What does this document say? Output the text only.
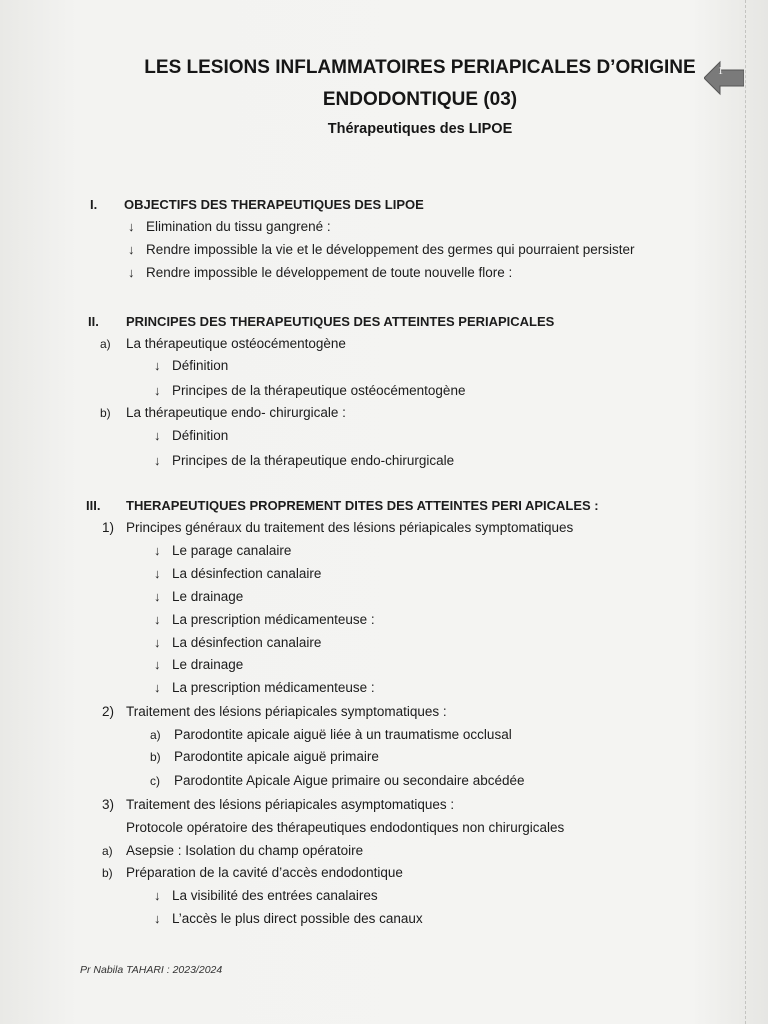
LES LESIONS INFLAMMATOIRES PERIAPICALES D’ORIGINE
ENDODONTIQUE (03)
Thérapeutiques des LIPOE
1
I. OBJECTIFS DES THERAPEUTIQUES DES LIPOE
↓ Elimination du tissu gangrené :
↓ Rendre impossible la vie et le développement des germes qui pourraient persister
↓ Rendre impossible le développement de toute nouvelle flore :
II. PRINCIPES DES THERAPEUTIQUES DES ATTEINTES PERIAPICALES
a) La thérapeutique ostéocémentogène
↓ Définition
↓ Principes de la thérapeutique ostéocémentogène
b) La thérapeutique endo- chirurgicale :
↓ Définition
↓ Principes de la thérapeutique endo-chirurgicale
III. THERAPEUTIQUES PROPREMENT DITES DES ATTEINTES PERI APICALES :
1) Principes généraux du traitement des lésions périapicales symptomatiques
↓ Le parage canalaire
↓ La désinfection canalaire
↓ Le drainage
↓ La prescription médicamenteuse :
↓ La désinfection canalaire
↓ Le drainage
↓ La prescription médicamenteuse :
2) Traitement des lésions périapicales symptomatiques :
a) Parodontite apicale aiguë liée à un traumatisme occlusal
b) Parodontite apicale aiguë primaire
c) Parodontite Apicale Aigue primaire ou secondaire abcédée
3) Traitement des lésions périapicales asymptomatiques :
Protocole opératoire des thérapeutiques endodontiques non chirurgicales
a) Asepsie : Isolation du champ opératoire
b) Préparation de la cavité d’accès endodontique
↓ La visibilité des entrées canalaires
↓ L’accès le plus direct possible des canaux
Pr Nabila TAHARI : 2023/2024
